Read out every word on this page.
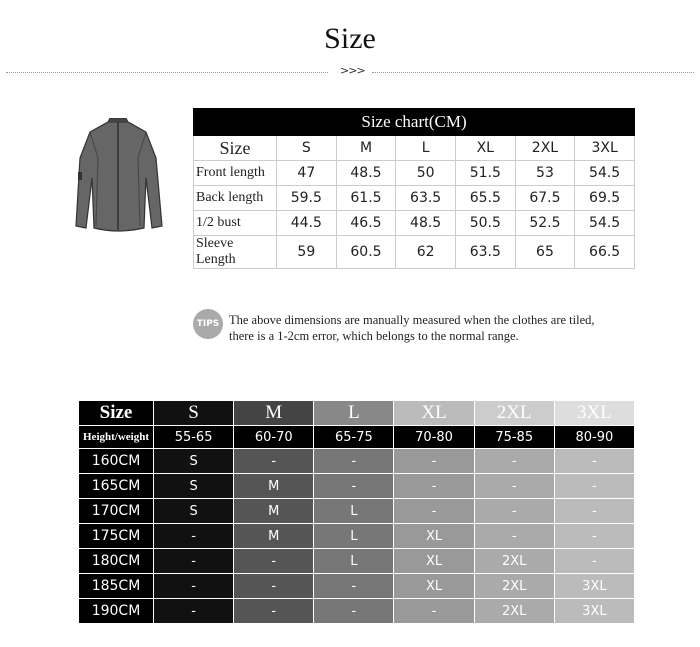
Size
>>>
Size chart(CM)						
Size	S	M	L	XL	2XL	3XL
Front length	47	48.5	50	51.5	53	54.5
Back length	59.5	61.5	63.5	65.5	67.5	69.5
1/2 bust	44.5	46.5	48.5	50.5	52.5	54.5
Sleeve Length	59	60.5	62	63.5	65	66.5
TIPS The above dimensions are manually measured when the clothes are tiled,
there is a 1-2cm error, which belongs to the normal range.
Size	S	M	L	XL	2XL	3XL
Height/weight	55-65	60-70	65-75	70-80	75-85	80-90
160CM	S	-	-	-	-	-
165CM	S	M	-	-	-	-
170CM	S	M	L	-	-	-
175CM	-	M	L	XL	-	-
180CM	-	-	L	XL	2XL	-
185CM	-	-	-	XL	2XL	3XL
190CM	-	-	-	-	2XL	3XL
